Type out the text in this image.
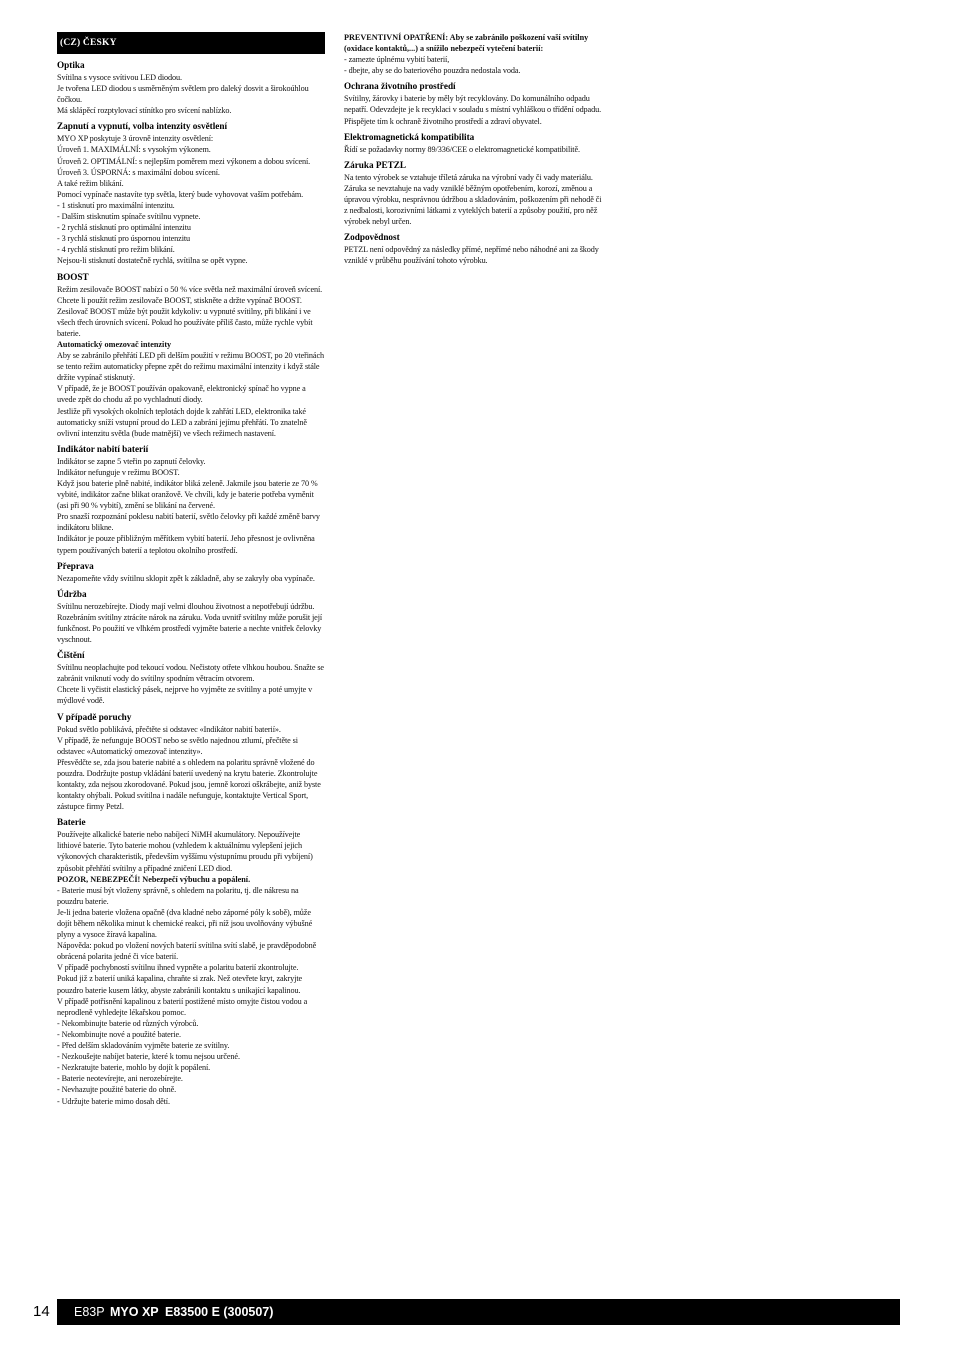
(CZ) ČESKY
Optika
Svítilna s vysoce svítivou LED diodou.
Je tvořena LED diodou s usměrněným světlem pro daleký dosvit a širokoúhlou čočkou.
Má sklápěcí rozptylovací stínítko pro svícení nablízko.
Zapnutí a vypnutí, volba intenzity osvětlení
MYO XP poskytuje 3 úrovně intenzity osvětlení:
Úroveň 1. MAXIMÁLNÍ: s vysokým výkonem.
Úroveň 2. OPTIMÁLNÍ: s nejlepším poměrem mezi výkonem a dobou svícení.
Úroveň 3. ÚSPORNÁ: s maximální dobou svícení.
A také režim blikání.
Pomocí vypínače nastavíte typ světla, který bude vyhovovat vaším potřebám.
- 1 stisknutí pro maximální intenzitu.
- Dalším stisknutím spínače svítilnu vypnete.
- 2 rychlá stisknutí pro optimální intenzitu
- 3 rychlá stisknutí pro úspornou intenzitu
- 4 rychlá stisknutí pro režim blikání.
Nejsou-li stisknutí dostatečně rychlá, svítilna se opět vypne.
BOOST
Režim zesilovače BOOST nabízí o 50 % více světla než maximální úroveň svícení.
Chcete li použít režim zesilovače BOOST, stiskněte a držte vypínač BOOST.
Zesilovač BOOST může být použit kdykoliv: u vypnuté svítilny, při blikání i ve všech třech úrovních svícení. Pokud ho používáte příliš často, může rychle vybít baterie.
Automatický omezovač intenzity
Aby se zabránilo přehřátí LED při delším použití v režimu BOOST, po 20 vteřinách se tento režim automaticky přepne zpět do režimu maximální intenzity i když stále držíte vypínač stisknutý.
V případě, že je BOOST používán opakovaně, elektronický spínač ho vypne a uvede zpět do chodu až po vychladnutí diody.
Jestliže při vysokých okolních teplotách dojde k zahřátí LED, elektronika také automaticky sníží vstupní proud do LED a zabrání jejímu přehřátí. To znatelně ovlivní intenzitu světla (bude matnější) ve všech režimech nastavení.
Indikátor nabití baterií
Indikátor se zapne 5 vteřin po zapnutí čelovky.
Indikátor nefunguje v režimu BOOST.
Když jsou baterie plně nabité, indikátor bliká zeleně. Jakmile jsou baterie ze 70 % vybité, indikátor začne blikat oranžově. Ve chvíli, kdy je baterie potřeba vyměnit (asi při 90 % vybití), změní se blikání na červené.
Pro snazší rozpoznání poklesu nabití baterií, světlo čelovky při každé změně barvy indikátoru blikne.
Indikátor je pouze přibližným měřítkem vybití baterií. Jeho přesnost je ovlivněna typem používaných baterií a teplotou okolního prostředí.
Přeprava
Nezapomeňte vždy svítilnu sklopit zpět k základně, aby se zakryly oba vypínače.
Údržba
Svítilnu nerozebírejte. Diody mají velmi dlouhou životnost a nepotřebují údržbu. Rozebráním svítilny ztrácíte nárok na záruku. Voda uvnitř svítilny může porušit její funkčnost. Po použití ve vlhkém prostředí vyjměte baterie a nechte vnitřek čelovky vyschnout.
Čištění
Svítilnu neoplachujte pod tekoucí vodou. Nečistoty otřete vlhkou houbou. Snažte se zabránit vniknutí vody do svítilny spodním větracím otvorem.
Chcete li vyčistit elastický pásek, nejprve ho vyjměte ze svítilny a poté umyjte v mýdlové vodě.
V případě poruchy
Pokud světlo poblikává, přečtěte si odstavec «Indikátor nabití baterií».
V případě, že nefunguje BOOST nebo se světlo najednou ztlumí, přečtěte si odstavec «Automatický omezovač intenzity».
Přesvědčte se, zda jsou baterie nabité a s ohledem na polaritu správně vložené do pouzdra. Dodržujte postup vkládání baterií uvedený na krytu baterie. Zkontrolujte kontakty, zda nejsou zkorodované. Pokud jsou, jemně korozi oškrábejte, aniž byste kontakty ohýbali. Pokud svítilna i nadále nefunguje, kontaktujte Vertical Sport, zástupce firmy Petzl.
Baterie
Používejte alkalické baterie nebo nabíjecí NiMH akumulátory. Nepoužívejte lithiové baterie. Tyto baterie mohou (vzhledem k aktuálnímu vylepšení jejich výkonových charakteristik, především vyššímu výstupnímu proudu při vybíjení) způsobit přehřátí svítilny a případné zničení LED diod.
POZOR, NEBEZPEČÍ! Nebezpečí výbuchu a popálení.
- Baterie musí být vloženy správně, s ohledem na polaritu, tj. dle nákresu na pouzdru baterie.
Je-li jedna baterie vložena opačně (dva kladné nebo záporné póly k sobě), může dojít během několika minut k chemické reakci, při níž jsou uvolňovány výbušné plyny a vysoce žíravá kapalina.
Nápověda: pokud po vložení nových baterií svítilna svítí slabě, je pravděpodobně obrácená polarita jedné či více baterií.
V případě pochybností svítilnu ihned vypněte a polaritu baterií zkontrolujte.
Pokud již z baterií uniká kapalina, chraňte si zrak. Než otevřete kryt, zakryjte pouzdro baterie kusem látky, abyste zabránili kontaktu s unikající kapalinou.
V případě potřísnění kapalinou z baterií postižené místo omyjte čistou vodou a neprodleně vyhledejte lékařskou pomoc.
- Nekombinujte baterie od různých výrobců.
- Nekombinujte nové a použité baterie.
- Před delším skladováním vyjměte baterie ze svítilny.
- Nezkoušejte nabíjet baterie, které k tomu nejsou určené.
- Nezkratujte baterie, mohlo by dojít k popálení.
- Baterie neotevírejte, ani nerozebírejte.
- Nevhazujte použité baterie do ohně.
- Udržujte baterie mimo dosah dětí.
PREVENTIVNÍ OPATŘENÍ: Aby se zabránilo poškození vaší svítilny (oxidace kontaktů,...) a snížilo nebezpečí vytečení baterií:
- zamezte úplnému vybití baterií,
- dbejte, aby se do bateriového pouzdra nedostala voda.
Ochrana životního prostředí
Svítilny, žárovky i baterie by měly být recyklovány. Do komunálního odpadu nepatří. Odevzdejte je k recyklaci v souladu s místní vyhláškou o třídění odpadu. Přispějete tím k ochraně životního prostředí a zdraví obyvatel.
Elektromagnetická kompatibilita
Řídí se požadavky normy 89/336/CEE o elektromagnetické kompatibilitě.
Záruka PETZL
Na tento výrobek se vztahuje tříletá záruka na výrobní vady či vady materiálu. Záruka se nevztahuje na vady vzniklé běžným opotřebením, korozí, změnou a úpravou výrobku, nesprávnou údržbou a skladováním, poškozením při nehodě či z nedbalosti, korozivními látkami z vyteklých baterií a způsoby použití, pro něž výrobek nebyl určen.
Zodpovědnost
PETZL není odpovědný za následky přímé, nepřímé nebo náhodné ani za škody vzniklé v průběhu používání tohoto výrobku.
14 E83P MYO XP E83500 E (300507)
